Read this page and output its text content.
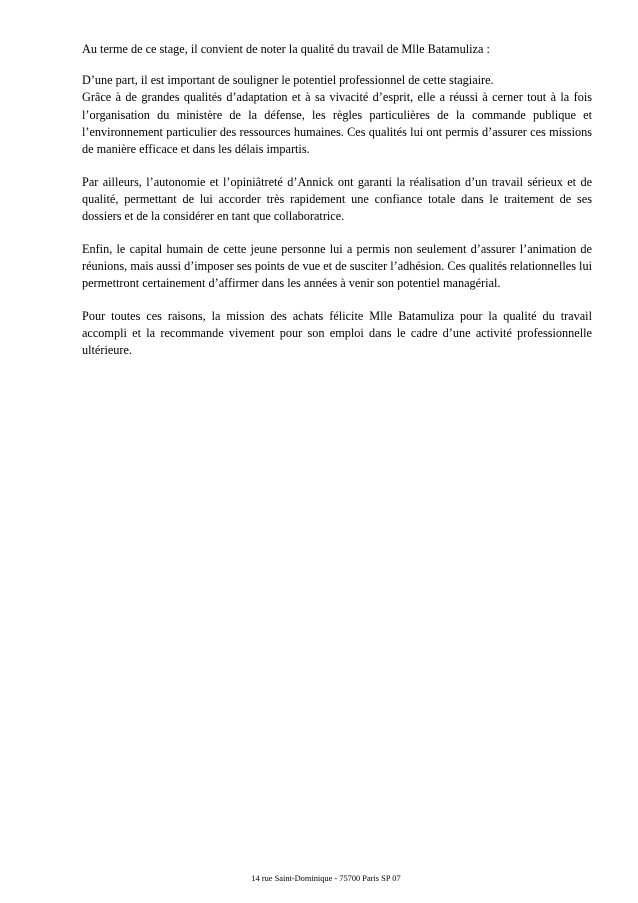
Au terme de ce stage, il convient de noter la qualité du travail de Mlle Batamuliza :

D’une part, il est important de souligner le potentiel professionnel de cette stagiaire.
Grâce à de grandes qualités d’adaptation et à sa vivacité d’esprit, elle a réussi à cerner tout à la fois l’organisation du ministère de la défense, les règles particulières de la commande publique et l’environnement particulier des ressources humaines. Ces qualités lui ont permis d’assurer ces missions de manière efficace et dans les délais impartis.

Par ailleurs, l’autonomie et l’opiniâtreté d’Annick ont garanti la réalisation d’un travail sérieux et de qualité, permettant de lui accorder très rapidement une confiance totale dans le traitement de ses dossiers et de la considérer en tant que collaboratrice.

Enfin, le capital humain de cette jeune personne lui a permis non seulement d’assurer l’animation de réunions, mais aussi d’imposer ses points de vue et de susciter l’adhésion. Ces qualités relationnelles lui permettront certainement d’affirmer dans les années à venir son potentiel managérial.

Pour toutes ces raisons, la mission des achats félicite Mlle Batamuliza pour la qualité du travail accompli et la recommande vivement pour son emploi dans le cadre d’une activité professionnelle ultérieure.

14 rue Saint-Dominique - 75700 Paris SP 07
